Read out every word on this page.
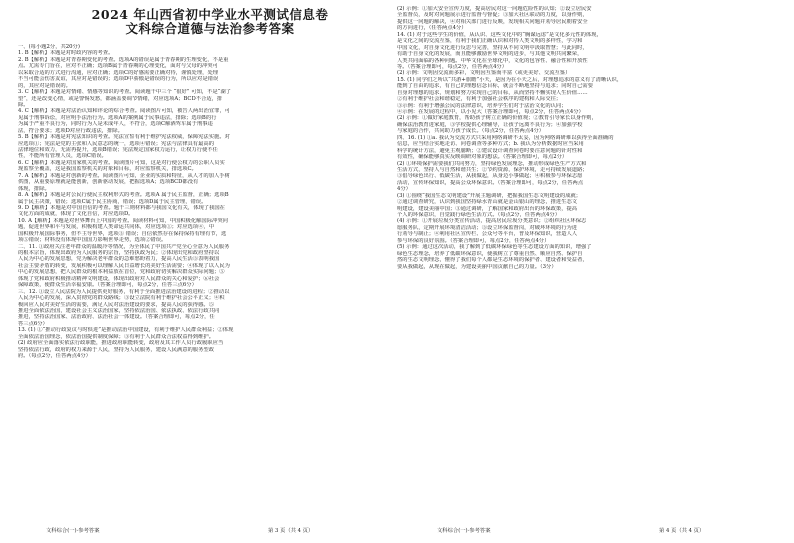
2024 年山西省初中学业水平测试信息卷
文科综合道德与法治参考答案
一、(每小题2分，共20分)
1. B【解析】本题是对时政内容的考查。
2. B【解析】本题是对青春期变化的考查。选项A的错误是属于青春期的生理变化，不是重
点。尤需专门旨在，应对不正确；选项B属于青春期的心理变化，面对与父母的冲突可
以采取合适的方式进行沟通，应对正确；选项C的好感需要正确对待，谨慎处理，处理
不当可能会伤害友谊，其应对是错误的；选项D中骄傲是错误的行为，所以应对是错误
的，其应对是错误的。
3. C【解析】本题是对情绪、情感等知识的考查。阅读题干中三个 “很好” 可知，不是“湖了
望”，还是改变心情，或是警惕发愁，都涵盖要调节情绪，对应选项A；BCD不合适，排
除。
4. C【解析】本题是对法治认知和评论的综合考查。阅读图片可知，被告人两出治宜罪，可
见属于刑事诉讼，对应明手法治行为。选项A的案例属于民事违法，排除；选项B的行
为属于严重不良行为，同时行为人是未成年人，不符合，选项C解酒驾车属于刑事违
法，符合要求；选项D对应行政违法，排除。
5. B【解析】本题是对宪法知识的考查。宪法宣誓有利于维护宪法权威，保障宪法实施。对
应选项①；宪法是党的主张和人民意志的统一，选项④错误；宪法与法律具有最高的
法律地位和效力，无需再提升，选项B错误；宪法规定国家权力运行，让权力行使不任
性，不能所有管理人员，选项C错误。
6. C【解析】本题是对国家机关的考查。阅读图片可知，这是对行使公权力的公职人员实
现监察全覆盖，这是我国监察机关的对象和目标，对应监察机关，排选项C。
7. A【解析】本题是对创新的考查。阅读图片可知，企业的实质和特征，从人才的加人手树
供图，从重要原理就是能创新，创新驱动发展，把握选项A；选项BCD都没有
体现，排除。
8. A【解析】本题是对公民行使民主权利形式的考查。选项A 属于民主监督，正确；选项B
属于民主决策，错误；选项C属于民主协商，错误；选项D属于民主管理，错误。
9. D【解析】本题是对中国自信的考查。题干三则材料都与我国文化有关，体现了我国在
文化方面的成就，体现了文化自信，对应选项D。
10. A【解析】本题是对世界舞台上中国的考查。阅读材料可知，中国积极化解国际冲突问
题，促进世界和平与发展，积极构建人类命运共同体，对应选项①；对应选项④，中
国积极开展国际事务，但不主导世界，选项③ 错误；自信依然存在保持保持有理有节，选
项⑤错误；材料没有体现中国国力影响世界走势，选项②错误。
二、11. ①政府关注老年群众的温暖冷等情况，为全体民了中国共产党全心全意为人民服务
的根本宗旨，体现出政府为人民服务的宗旨，坚持执政为民；②体现出党和政府坚持以
人民为中心的发展思想，党为解决老年群众的急难愁盼着力，提高人民生活③表明我国
社会主要矛盾的转变，发展积极可以理解人民日益增长的美好生活需要；④体现了以人民为
中心的发展思想，把人民群众的根本利益放在首位，党和政府切实解决群众实际问题；⑤
体现了党和政府积极推动精神文明建设，体现出政府对人民群众的关心和爱护；⑥社会
保障政策，使群众生活幸福安康。（答案合理即可，每点2分，任答三点6分）
三、12. ①设立人民法院为人民提供更好服务，有利于全面推进法治建设的进程；②推动以
人民为中心的发展，深入贯彻党的群众路线；③设立法院有利于维护社会公平正义；④积
极回应人民对美好生活的需要，满足人民对法治建设的要求，提高人民的获得感。⑤
推进全面依法治国，建设社会主义法治国家，坚持依法治国、依法执政、依法行政共同
推进，坚持法治国家、法治政府、法治社会一体建设。（答案合理即可，每点2分，任
答三点6分）
13. (1) ①“推动行政复议与时俱进”是推动法治中国建设，有利于维护人民群众利益；②体现
全面依法治国理念，依法治国提供制度保障；③有利于人民群众合法权益得到维护。
(2) 政府应全面落实依法行政职能，推进政府职能转变，政府及其工作人员行政履职应当
坚持依法行政，政府的权力来源于人民，坚持为人民服务，建设人民满意的服务型政
府。（每点2分，任答两点4分）
文科综合(一)·参考答案	第 3 页（共 4 页）
(2) 示例：①加大安全宣传力度，提高居民对这一问题危险性的认知；②设立居民安
全监督员，及时对问题展示进行监督与督促；③加大社区联动的力度，以身作则，
提供这一问题的解决，④对相关部门进行反映，发现相关问题并劝导居民朝着安全
的方向进行，（任答两点4分）
14. (1) 对于这些学生的价值，从认识、这些文化中的“胸谋远虑”是文化多元性的体现，
是文化之间的交流互鉴，有利于我们正确认识和对待人类文明的多样性，学习和
中国文化，对自身文化进行反思与完善，坚持从不同文明中汲取智慧；与此同时，
有助于自身文化的发展，而且能够激励世界文明的进步，与其他文明共同繁荣，
人类共同面临的各种问题。中华文化在全球化中，文化的包容性、融合性和开放性
等。（答案合理即可，每点2分，任答两点4分）
(2) 示例：文明因交流而多彩，文明因互鉴而丰富（或更美好、交流互鉴）
15. (1) 同学们之所以“共游+旅瞻”小天，是因为在小天之后，对理想追求的意义有了清晰认识，
能到了自由的追求，有自己的理想信念目标，就会不断地坚持与追求；同时自己需要
自身对理想的追求，规划和努力实现自己的目标，从而坚持不懈实现人生价值……
②有利于维护社会和谐稳定，有利于加强社会秩序的建构和人际交往；
③示例：有利于增强公民的法律意识，培养学生们对于法治文化的认同；
④示例：在发展的过程中，以小见大（答案合理即可，每点2分，任答两点4分）
(2) 示例：①做好家庭教育，帮助孩子树立正确的价值观；②教育引导家长以身作则，
确保法治教育进家庭，③学校提供心理辅导，让孩子远离不良行为；④加强学校
与家庭的合作，共同助力孩子成长。（每点2分，任答两点4分）
四、16. (1) ①a. 我认为交流方式只采用网络调研不太妥，因为网络调研难以获得全面准确的
信息，应当结合实地走访、问卷调查等多种方式；b. 我认为分析数据时应当采用
科学的统计方法，避免主观臆断；②建议设计调查问卷时要注意问题的针对性和
有效性，确保能够真实反映调研对象的想法。（答案合理即可，每点2分）
(2) ①环境保护需要我们共同努力，坚持绿色发展理念，推动形成绿色生产方式和
生活方式，坚持人与自然和谐共生；②节约资源，保护环境，走可持续发展道路；
③倡导绿色出行、低碳生活，从我做起，从身边小事做起；④积极参与环保志愿
活动，宣传环保知识，提高公众环保意识。（答案合理即可，每点2分，任答两点
4分）
(3) ①围绕“我国生态文明建设”开展主题调研，把握我国生态文明建设的成就；
②通过调查研究，认识到我国坚持绿水青山就是金山银山的理念，推进生态文
明建设，建设美丽中国；③通过调研，了解国家和政府出台的环保政策，提高
个人的环保意识，自觉践行绿色生活方式。（每点2分，任答两点4分）
(4) 示例：①开展垃圾分类宣传活动，提高居民垃圾分类意识；②组织社区环保志
愿服务队，定期开展环境清洁活动；③设立环保监督岗，对破坏环境的行为进
行劝导与制止；④利用社区宣传栏、公众号等平台，普及环保知识，营造人人
参与环保的良好氛围。（答案合理即可，每点2分，任答两点4分）
(5) 示例：通过这次活动，我了解到了低碳环保绿色等生态建设方面的知识，增强了
绿色生态理念，培养了低碳环保意识，使我树立了尊重自然、顺应自然、保护自
然的生态文明理念，懂得了我们每个人都是生态环境的保护者、建设者和受益者，
要从我做起，从现在做起，为建设美丽中国贡献自己的力量。（3分）
文科综合(一)·参考答案	第 4 页（共 4 页）
